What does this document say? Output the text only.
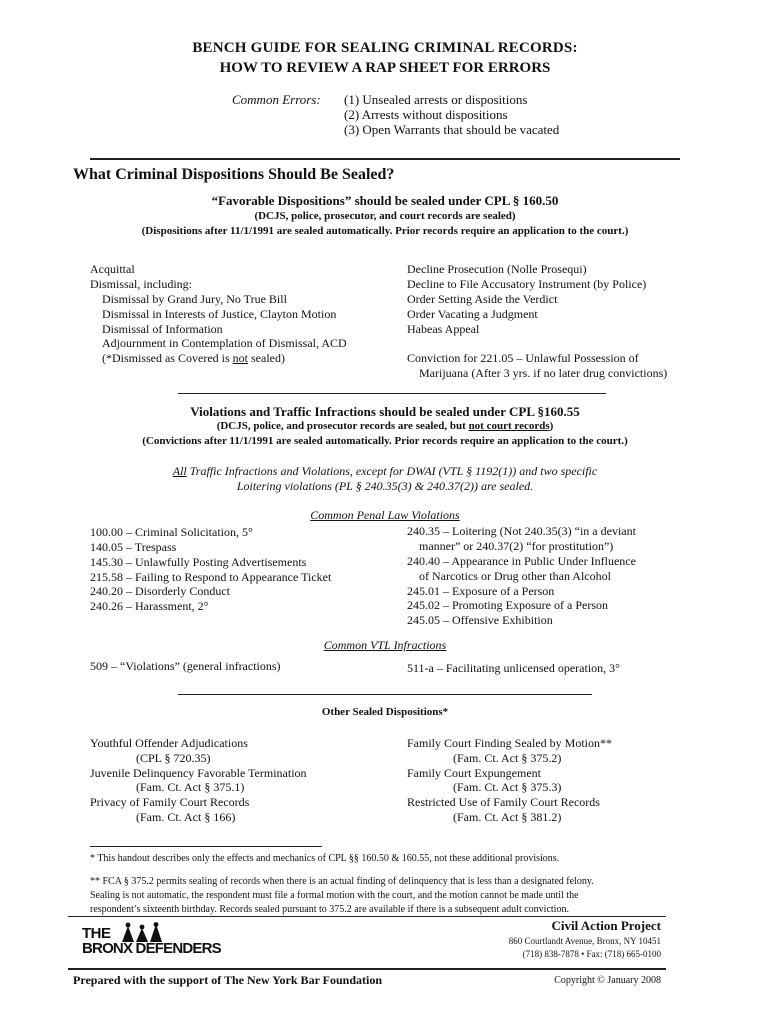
BENCH GUIDE FOR SEALING CRIMINAL RECORDS:
HOW TO REVIEW A RAP SHEET FOR ERRORS
Common Errors: (1) Unsealed arrests or dispositions
(2) Arrests without dispositions
(3) Open Warrants that should be vacated
What Criminal Dispositions Should Be Sealed?
“Favorable Dispositions” should be sealed under CPL § 160.50
(DCJS, police, prosecutor, and court records are sealed)
(Dispositions after 11/1/1991 are sealed automatically. Prior records require an application to the court.)
Acquittal
Dismissal, including:
Dismissal by Grand Jury, No True Bill
Dismissal in Interests of Justice, Clayton Motion
Dismissal of Information
Adjournment in Contemplation of Dismissal, ACD
(*Dismissed as Covered is not sealed)
Decline Prosecution (Nolle Prosequi)
Decline to File Accusatory Instrument (by Police)
Order Setting Aside the Verdict
Order Vacating a Judgment
Habeas Appeal
Conviction for 221.05 – Unlawful Possession of
Marijuana (After 3 yrs. if no later drug convictions)
Violations and Traffic Infractions should be sealed under CPL §160.55
(DCJS, police, and prosecutor records are sealed, but not court records)
(Convictions after 11/1/1991 are sealed automatically. Prior records require an application to the court.)
All Traffic Infractions and Violations, except for DWAI (VTL § 1192(1)) and two specific
Loitering violations (PL § 240.35(3) & 240.37(2)) are sealed.
Common Penal Law Violations
100.00 – Criminal Solicitation, 5°
140.05 – Trespass
145.30 – Unlawfully Posting Advertisements
215.58 – Failing to Respond to Appearance Ticket
240.20 – Disorderly Conduct
240.26 – Harassment, 2°
240.35 – Loitering (Not 240.35(3) “in a deviant
manner” or 240.37(2) “for prostitution”)
240.40 – Appearance in Public Under Influence
of Narcotics or Drug other than Alcohol
245.01 – Exposure of a Person
245.02 – Promoting Exposure of a Person
245.05 – Offensive Exhibition
Common VTL Infractions
509 – “Violations” (general infractions)	511-a – Facilitating unlicensed operation, 3°
Other Sealed Dispositions*
Youthful Offender Adjudications
(CPL § 720.35)
Juvenile Delinquency Favorable Termination
(Fam. Ct. Act § 375.1)
Privacy of Family Court Records
(Fam. Ct. Act § 166)
Family Court Finding Sealed by Motion**
(Fam. Ct. Act § 375.2)
Family Court Expungement
(Fam. Ct. Act § 375.3)
Restricted Use of Family Court Records
(Fam. Ct. Act § 381.2)
* This handout describes only the effects and mechanics of CPL §§ 160.50 & 160.55, not these additional provisions.
** FCA § 375.2 permits sealing of records when there is an actual finding of delinquency that is less than a designated felony.
Sealing is not automatic, the respondent must file a formal motion with the court, and the motion cannot be made until the
respondent’s sixteenth birthday. Records sealed pursuant to 375.2 are available if there is a subsequent adult conviction.
THE
BRONX DEFENDERS
Civil Action Project
860 Courtlandt Avenue, Bronx, NY 10451
(718) 838-7878 • Fax: (718) 665-0100
Prepared with the support of The New York Bar Foundation	Copyright © January 2008
